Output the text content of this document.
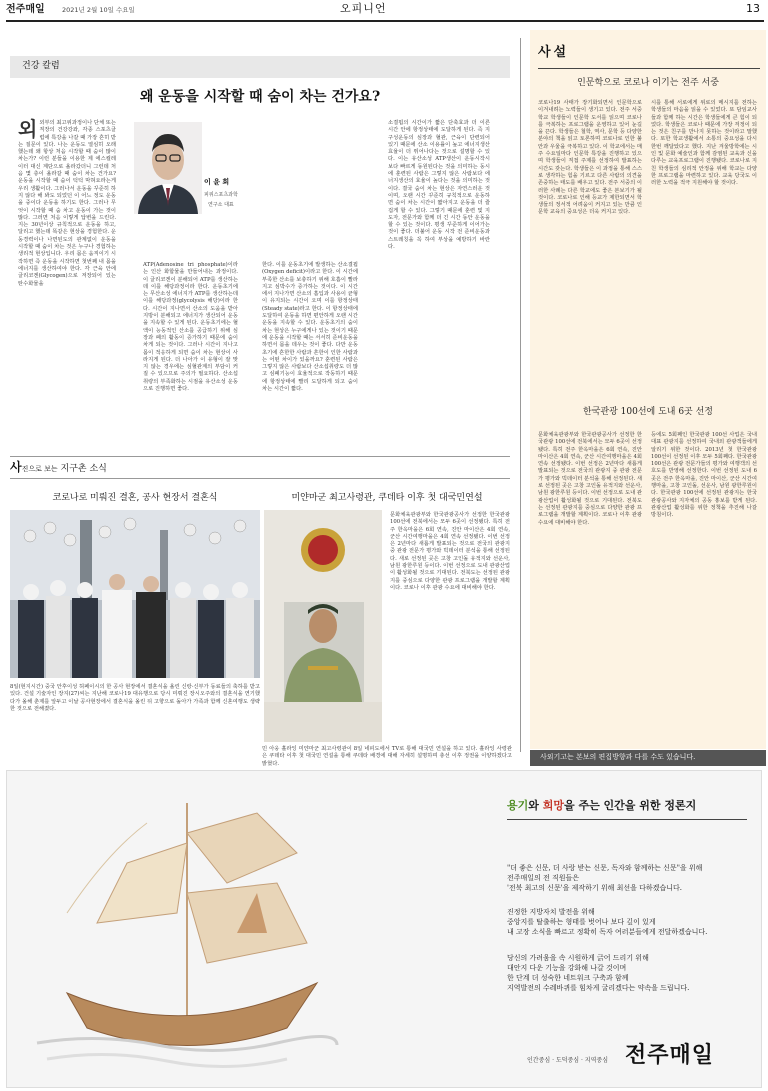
전주매일	2021년 2월 10일 수요일	오피니언	13
건강 칼럼
왜 운동을 시작할 때 숨이 차는 건가요?
외 외부의 최고위과정이나 단체 또는 직장의 건강강좌, 각종 스포츠클럽에 특강을 나갈 때 가장 흔히 받는 질문이 있다. 나는 운동도 열심히 오래했는데 왜 항상 처음 시작할 때 숨이 많이 차는가? 이런 분들을 이용한 제 에스컬레이터 대신 계단으로 올라갔더니 그런데 처음 몇 층이 올라갈 때 숨이 차는 건가요? 운동을 시작할 때 숨이 턱턱 막혀요라는게 우리 생활이다. 그러나서 운동을 꾸준히 하지 않다 해 봐도 되었던 이 어느 정도 운동을 중이다 운동을 하기도 한다. 그러나 무엇이 시작할 때 숨 차고 운동이 가는 것이 많다. 그러면 처음 이렇게 답변을 드린다. 지는 30년이상 규칙적으로 운동을 하고, 달리고 했는데 똑같은 현상을 경험한다. 운동경력이나 나면된도의 관계없이 운동을 시작할 때 숨이 차는 것은 누구나 경험하는 생리적 현상입니다. 우리 몸은 움직이기 시작하면 즉 운동을 시작하면 첫번째 내 몸을 에너지를 생산하여야 한다. 각 근육 안에 글리코겐(Glycogen)으로 저장되어 있는 탄수화물을
ATP(Adenosine tri phosphate)이라는 인산 화합물을 만들어내는 과정이다. 이 글리코겐이 분해되어 ATP를 생산하는데 이를 해당과정이라 한다. 운동초기에는 무산소성 에너지가 ATP를 생산하는데 이를 해당과정(glycolysis 해당)이라 한다. 시간이 지나면서 산소의 도움을 받아 지방이 분해되고 에너지가 생산되어 운동을 지속할 수 있게 된다. 운동초기에는 혈액이 능동적인 산소를 공급하기 위해 심장과 폐의 활동이 증가하기 때문에 숨이 차게 되는 것이다. 그러나 시간이 지나고 몸이 적응하게 되면 숨이 차는 현상이 사라지게 된다. 더 나아가 이 유형이 잘 맞지 않는 경우에는 심혈관계의 부담이 커질 수 있으므로 주의가 필요하다. 산소섭취량의 부족화하는 시점을 유산소성 운동으로 진행하면 좋다.
이 윤 희
피위스포츠과학
연구소 대표
한다. 이를 운동초기에 발생하는 산소결핍(Oxygen deficit)이라고 한다. 이 시간에 부족한 산소를 보충하기 위해 호흡이 빨라지고 심박수가 증가하는 것이다. 이 시간에서 지나가면 산소의 흡입과 사용이 균형이 유지되는 시간이 오며 이를 항정상태(Steady state)라고 한다. 이 항정상태에 도달하여 운동을 하면 편안하게 오랜 시간 운동을 지속할 수 있다. 운동초기의 숨이 차는 현상은 누구에게나 있는 것이기 때문에 운동을 시작할 때는 서서히 준비운동을 하면서 몸을 데우는 것이 좋다. 다만 운동초기에 흔한한 사람과 흔한이 인한 사람과는 어떤 차이가 있을까요? 훈련된 사람은 그렇지 않은 사람보다 산소섭취량도 더 많고 심폐기능이 효율적으로 작동하기 때문에 항정상태에 빨리 도달하게 되고 숨이 차는 시간이 짧다.
소결핍의 시간이가 짧은 단축효과 더 이른 시간 안에 항정상태에 도달하게 된다. 즉 지구성운동의 심장과 혈관, 근육이 단련되어 있기 때문에 산소 이용률이 높고 에너지생산효율이 더 뛰어나다는 것으로 설명할 수 있다. 이는 유산소성 ATP생산이 운동시작시 보다 빠르게 동원된다는 것을 의미하는 동시에 훈련된 사람은 그렇지 않은 사람보다 에너지생산의 효율이 높다는 것을 의미하는 것이다. 결국 숨이 차는 현상은 자연스러운 것이며, 오랜 시간 꾸준히 규칙적으로 운동하면 숨이 차는 시간이 짧아지고 운동을 더 즐겁게 할 수 있다. 그렇기 때문에 훈련 및 지도자, 전문가와 함께 더 긴 시간 동안 운동을 할 수 있는 것이다. 평생 꾸준하게 이어가는 것이 좋다. 더불어 운동 시작 전 준비운동과 스트레칭을 꼭 하여 부상을 예방하기 바란다.
사설
인문학으로 코로나 이기는 전주 서중
코로나19 사태가 장기화되면서 인문학으로 이겨내려는 노력들이 생기고 있다. 전주 서중학교 학생들이 인문학 도서를 읽으며 코로나를 극복하는 프로그램을 운영하고 있어 눈길을 끈다. 학생들은 철학, 역사, 문학 등 다양한 분야의 책을 읽고 토론하며 코로나로 인한 불안과 우울을 극복하고 있다. 이 학교에서는 매주 수요일마다 인문학 특강을 진행하고 있으며 학생들이 직접 주제를 선정하여 발표하는 시간도 갖는다. 학생들은 이 과정을 통해 스스로 생각하는 힘을 기르고 다른 사람의 의견을 존중하는 태도를 배우고 있다. 전주 서중의 이러한 사례는 다른 학교에도 좋은 본보기가 될 것이다. 코로나로 인해 등교가 제한되면서 학생들의 정서적 어려움이 커지고 있는 만큼 인문학 교육의 중요성은 더욱 커지고 있다.
시를 통해 서로에게 위로의 메시지를 전하는 학생들의 마음을 읽을 수 있었다. 또 담임교사들과 함께 하는 시간은 학생들에게 큰 힘이 되었다. 학생들은 코로나 때문에 가장 걱정이 되는 것은 친구를 만나지 못하는 것이라고 말했다. 또한 학교생활에서 소통의 중요성을 다시 한번 깨달았다고 했다. 지난 겨울방학에는 시인 및 문화 예술인과 함께 감염된 교육과 신을 다루는 교육프로그램이 진행됐다. 코로나로 지친 학생들의 심리적 안정을 위해 학교는 다양한 프로그램을 마련하고 있다. 교육 당국도 이러한 노력을 적극 지원해야 할 것이다.
한국관광 100선에 도내 6곳 선정
문화체육관광부와 한국관광공사가 선정한 한국관광 100선에 전북에서는 모두 6곳이 선정됐다. 특히 전주 한옥마을은 6회 연속, 진안 마이산은 4회 연속, 군산 시간여행마을은 4회 연속 선정됐다. 이번 선정은 2년마다 새롭게 발표되는 것으로 전국의 관광지 중 관광 전문가 평가와 빅데이터 분석을 통해 선정된다. 새로 선정된 곳은 고창 고인돌 유적지와 선운사, 남원 광한루원 등이다. 이번 선정으로 도내 관광산업이 활성화될 것으로 기대된다. 전북도는 선정된 관광지를 중심으로 다양한 관광 프로그램을 개발할 계획이다. 코로나 이후 관광 수요에 대비해야 한다.
등에도 5회째인 한국관광 100선 사업은 국내 대표 관광지를 선정하여 국내외 관광객들에게 알리기 위한 것이다. 2013년 첫 한국관광 100선이 선정된 이후 모두 5회째다. 한국관광 100선은 관광 전문가들의 평가와 여행객의 선호도를 반영해 선정한다. 이번 선정된 도내 6곳은 전주 한옥마을, 진안 마이산, 군산 시간여행마을, 고창 고인돌, 선운사, 남원 광한루원이다. 한국관광 100선에 선정된 관광지는 한국관광공사와 지자체의 공동 홍보를 받게 된다. 관광산업 활성화를 위한 정책을 추진해 나갈 방침이다.
사진으로 보는 지구촌 소식
코로나로 미뤄진 결혼, 공사 현장서 결혼식
8일(현지시간) 중국 안후이성 허페이시의 한 공사 현장에서 결혼식을 올린 신랑·신부가 동료들의 축하를 받고 있다. 건설 기술자인 장지(27)씨는 지난해 코로나19 대유행으로 당시 미뤄진 장시오주와의 결혼식을 연기했다가 올해 춘제를 앞두고 이날 공사현장에서 결혼식을 올린 뒤 고향으로 돌아가 가족과 함께 신혼여행도 생략한 것으로 전해졌다.
미얀마군 최고사령관, 쿠데타 이후 첫 대국민연설
민 아웅 흘라잉 미얀마군 최고사령관이 8일 네피도에서 TV로 통해 대국민 연설을 하고 있다. 흘라잉 사령관은 쿠데타 이후 첫 대국민 연설을 통해 쿠데타 배경에 대해 자세히 설명하며 총선 이후 정권을 이양하겠다고 밝혔다.
문화체육관광부와 한국관광공사가 선정한 한국관광 100선에 전북에서는 모두 6곳이 선정됐다. 특히 전주 한옥마을은 6회 연속, 진안 마이산은 4회 연속, 군산 시간여행마을은 4회 연속 선정됐다. 이번 선정은 2년마다 새롭게 발표되는 것으로 전국의 관광지 중 관광 전문가 평가와 빅데이터 분석을 통해 선정된다. 새로 선정된 곳은 고창 고인돌 유적지와 선운사, 남원 광한루원 등이다. 이번 선정으로 도내 관광산업이 활성화될 것으로 기대된다. 전북도는 선정된 관광지를 중심으로 다양한 관광 프로그램을 개발할 계획이다. 코로나 이후 관광 수요에 대비해야 한다.
사외기고는 본보의 편집방향과 다를 수도 있습니다.
용기와 희망을 주는 인간을 위한 정론지
"더 좋은 신문, 더 사랑 받는 신문, 독자와 함께하는 신문"을 위해
전주매일의 전 직원들은
'전북 최고의 신문'을 제작하기 위해 최선을 다하겠습니다.
진정한 지방자치 발전을 위해
중앙지를 탈출하는 형태를 벗어나 보다 깊이 있게
내 고장 소식을 빠르고 정확히 독자 여러분들에게 전달하겠습니다.
당신의 가려움을 속 시원하게 긁어 드리기 위해
대안지 다운 기능을 강화해 나갈 것이며
한 단계 더 성숙한 네트워크 구축과 함께
지역발전의 수레바퀴를 힘차게 굴리겠다는 약속을 드립니다.
인간중심 · 도덕중심 · 지역중심 전주매일
